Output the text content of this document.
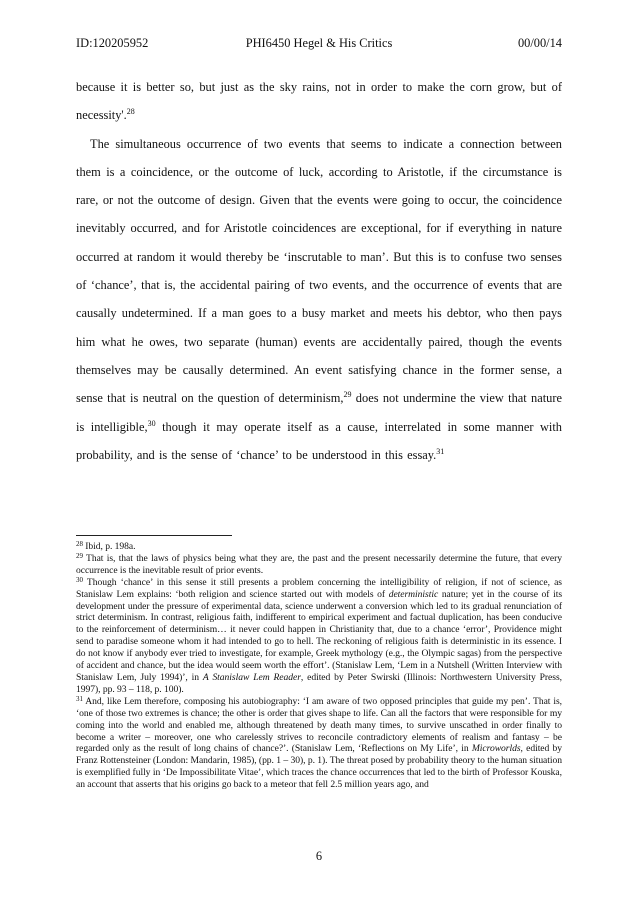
ID:120205952	PHI6450 Hegel & His Critics	00/00/14

because it is better so, but just as the sky rains, not in order to make the corn grow, but of necessity'.$^{28}$

The simultaneous occurrence of two events that seems to indicate a connection between them is a coincidence, or the outcome of luck, according to Aristotle, if the circumstance is rare, or not the outcome of design. Given that the events were going to occur, the coincidence inevitably occurred, and for Aristotle coincidences are exceptional, for if everything in nature occurred at random it would thereby be ‘inscrutable to man’. But this is to confuse two senses of ‘chance’, that is, the accidental pairing of two events, and the occurrence of events that are causally undetermined. If a man goes to a busy market and meets his debtor, who then pays him what he owes, two separate (human) events are accidentally paired, though the events themselves may be causally determined. An event satisfying chance in the former sense, a sense that is neutral on the question of determinism,$^{29}$ does not undermine the view that nature is intelligible,$^{30}$ though it may operate itself as a cause, interrelated in some manner with probability, and is the sense of ‘chance’ to be understood in this essay.$^{31}$

$^{28}$ Ibid, p. 198a.

$^{29}$ That is, that the laws of physics being what they are, the past and the present necessarily determine the future, that every occurrence is the inevitable result of prior events.

$^{30}$ Though ‘chance’ in this sense it still presents a problem concerning the intelligibility of religion, if not of science, as Stanislaw Lem explains: ‘both religion and science started out with models of deterministic nature; yet in the course of its development under the pressure of experimental data, science underwent a conversion which led to its gradual renunciation of strict determinism. In contrast, religious faith, indifferent to empirical experiment and factual duplication, has been conducive to the reinforcement of determinism… it never could happen in Christianity that, due to a chance ‘error’, Providence might send to paradise someone whom it had intended to go to hell. The reckoning of religious faith is deterministic in its essence. I do not know if anybody ever tried to investigate, for example, Greek mythology (e.g., the Olympic sagas) from the perspective of accident and chance, but the idea would seem worth the effort’. (Stanislaw Lem, ‘Lem in a Nutshell (Written Interview with Stanislaw Lem, July 1994)’, in A Stanislaw Lem Reader, edited by Peter Swirski (Illinois: Northwestern University Press, 1997), pp. 93 – 118, p. 100).

$^{31}$ And, like Lem therefore, composing his autobiography: ‘I am aware of two opposed principles that guide my pen’. That is, ‘one of those two extremes is chance; the other is order that gives shape to life. Can all the factors that were responsible for my coming into the world and enabled me, although threatened by death many times, to survive unscathed in order finally to become a writer – moreover, one who carelessly strives to reconcile contradictory elements of realism and fantasy – be regarded only as the result of long chains of chance?’. (Stanislaw Lem, ‘Reflections on My Life’, in Microworlds, edited by Franz Rottensteiner (London: Mandarin, 1985), (pp. 1 – 30), p. 1). The threat posed by probability theory to the human situation is exemplified fully in ‘De Impossibilitate Vitae’, which traces the chance occurrences that led to the birth of Professor Kouska, an account that asserts that his origins go back to a meteor that fell 2.5 million years ago, and

6
